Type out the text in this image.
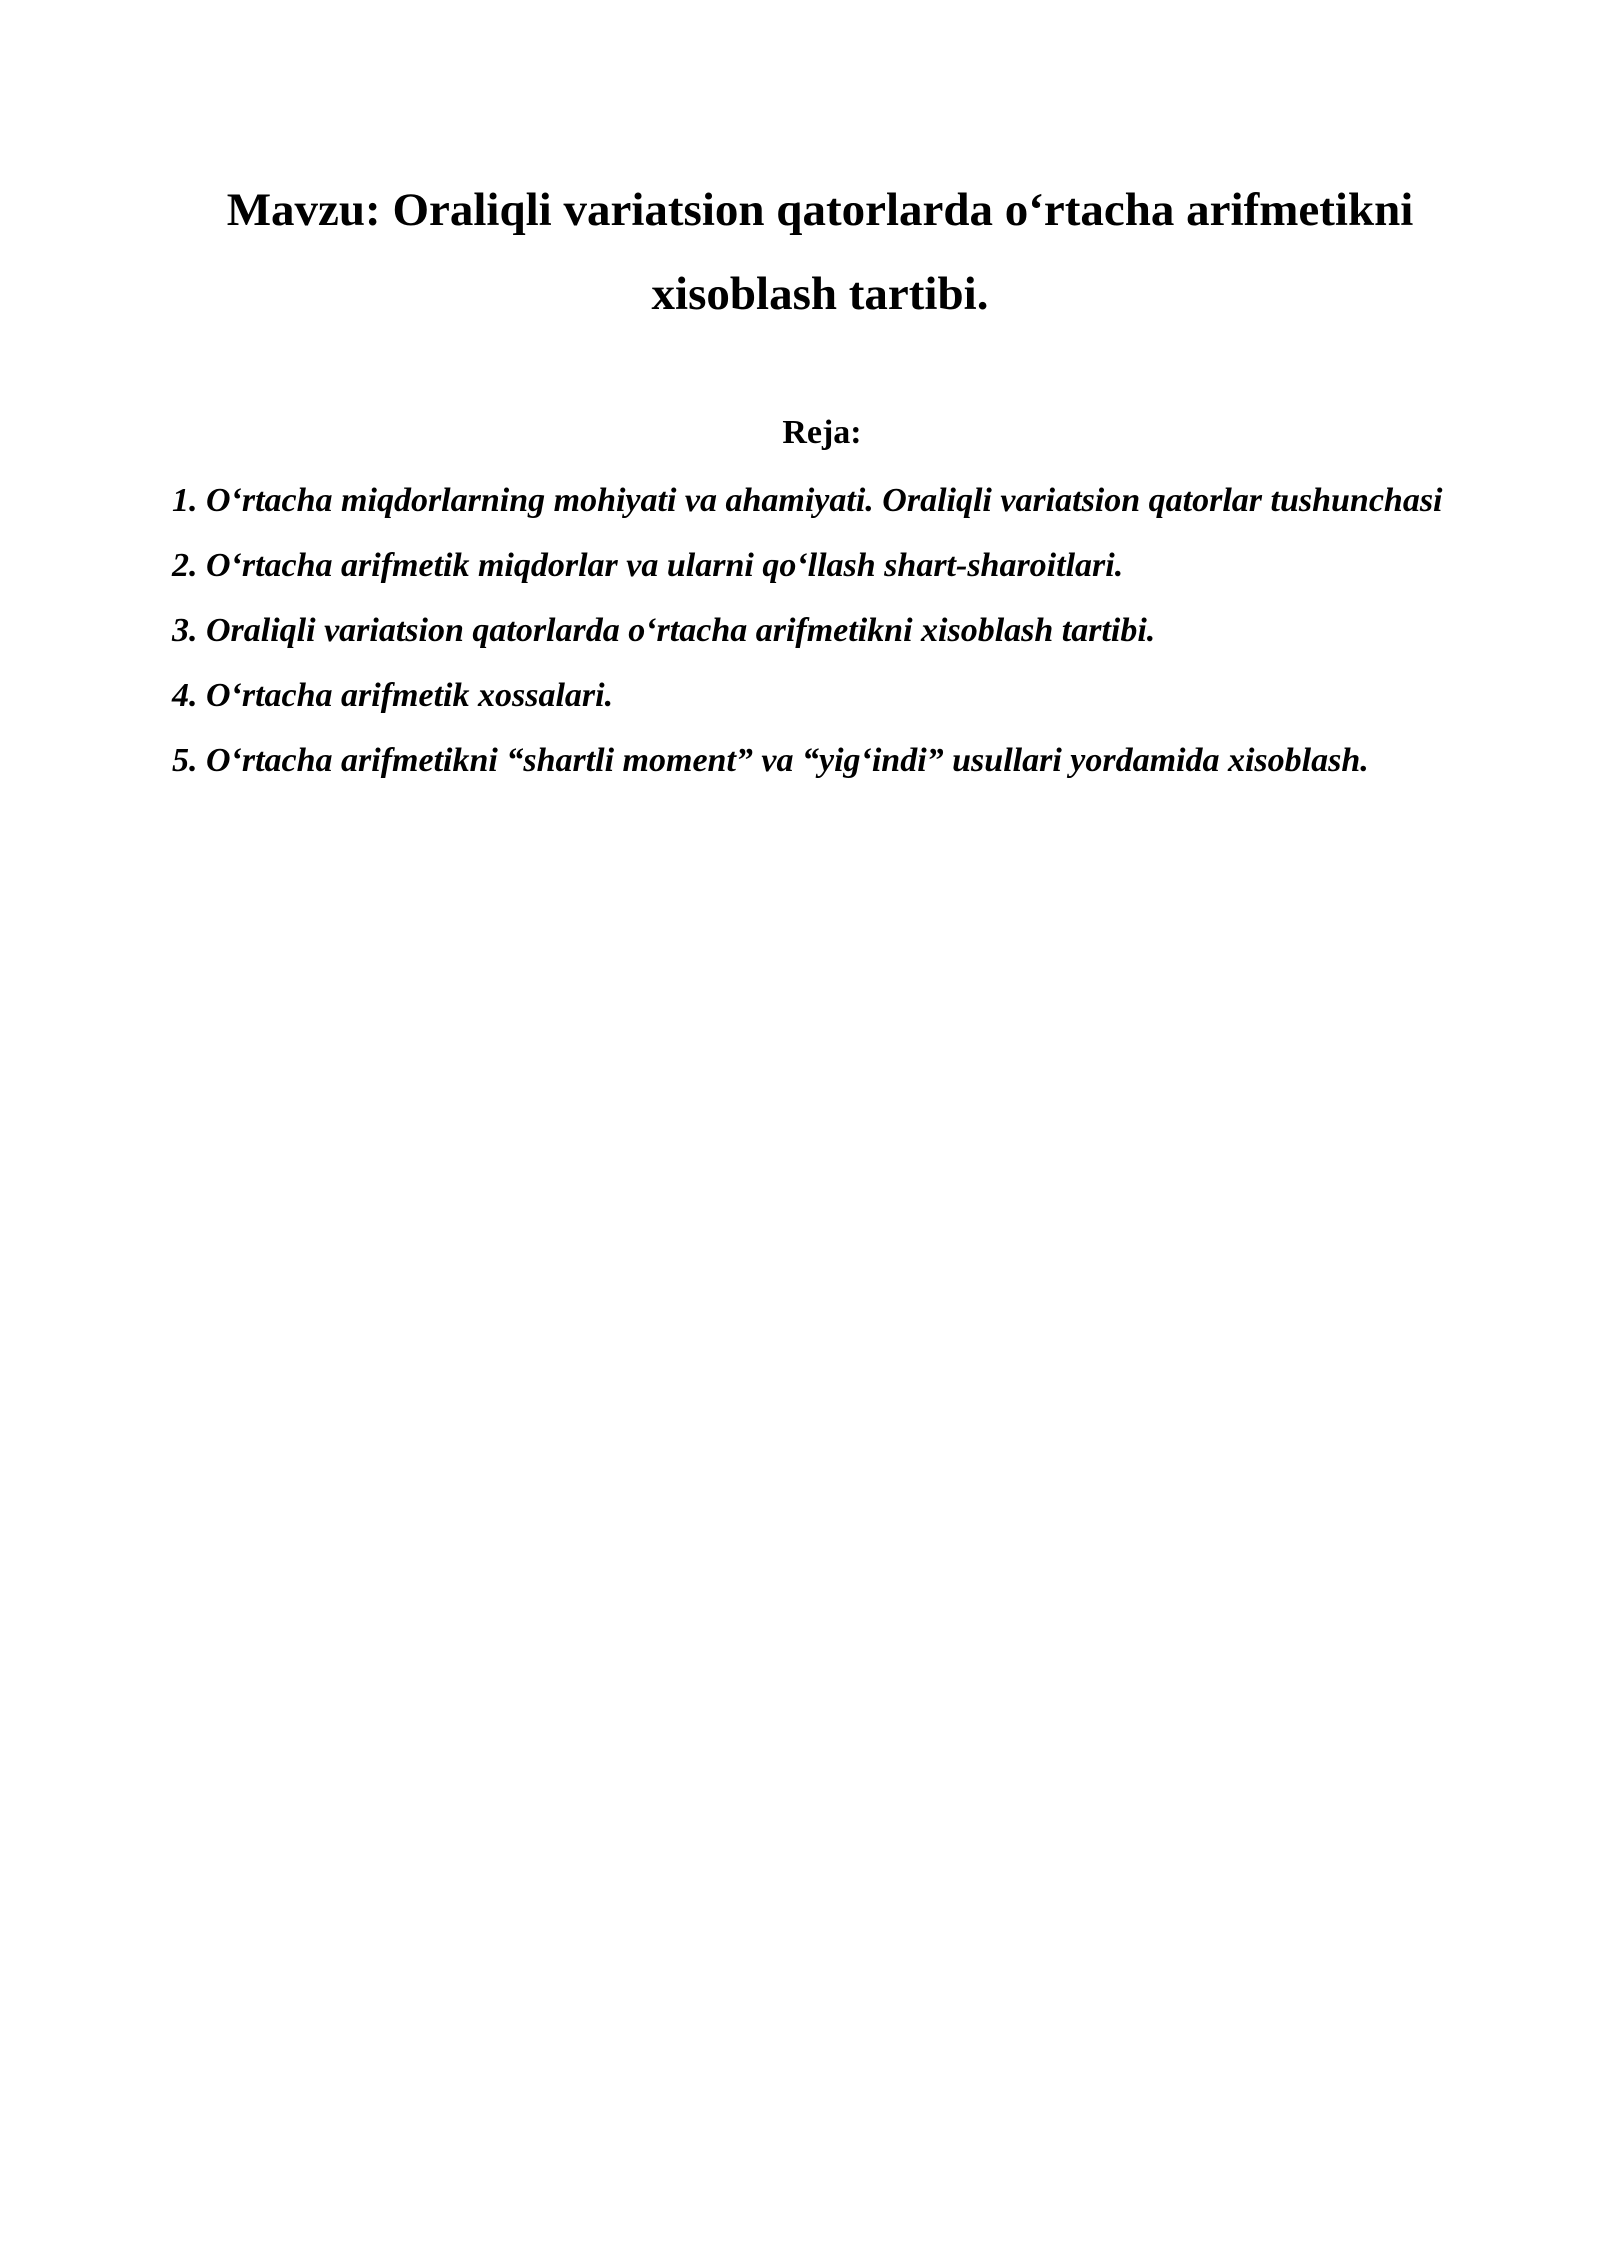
Mavzu: Oraliqli variatsion qatorlarda o‘rtacha arifmetikni
xisoblash tartibi.
Reja:
1. O‘rtacha miqdorlarning mohiyati va ahamiyati. Oraliqli variatsion qatorlar tushunchasi
2. O‘rtacha arifmetik miqdorlar va ularni qo‘llash shart-sharoitlari.
3. Oraliqli variatsion qatorlarda o‘rtacha arifmetikni xisoblash tartibi.
4. O‘rtacha arifmetik xossalari.
5. O‘rtacha arifmetikni “shartli moment” va “yig‘indi” usullari yordamida xisoblash.
